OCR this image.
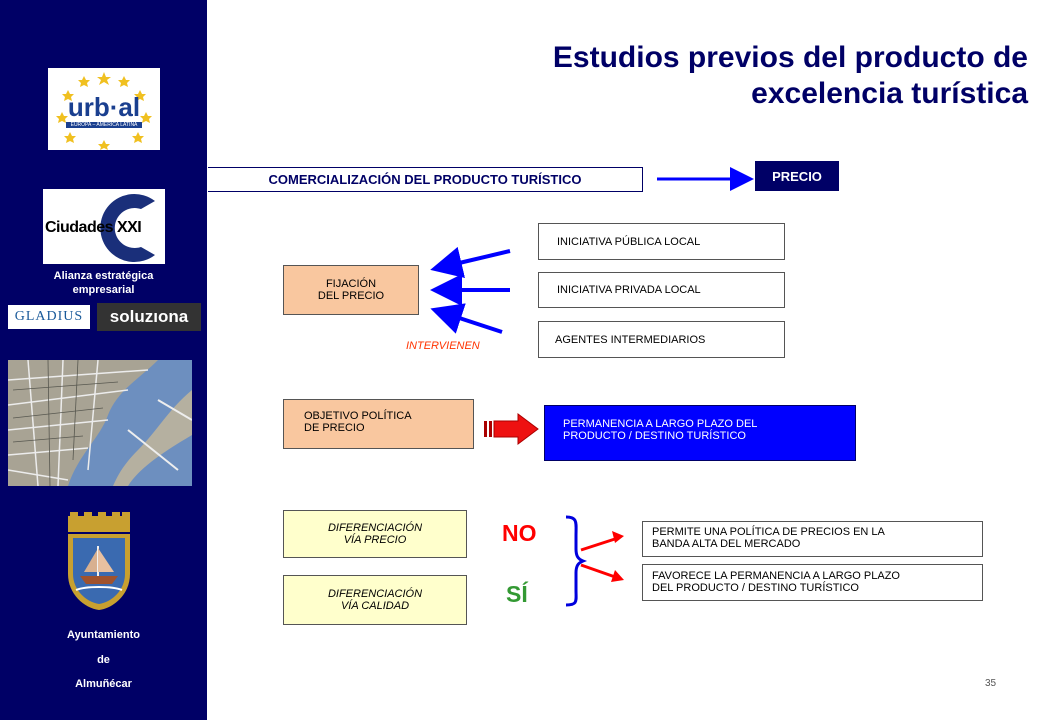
urb·al
EUROPA – AMÉRICA LATINA
Ciudades XXI
Alianza estratégica
empresarial
GLADIUS soluzıona
Ayuntamiento
de
Almuñécar
Estudios previos del producto de
excelencia turística
COMERCIALIZACIÓN DEL PRODUCTO TURÍSTICO	PRECIO
FIJACIÓN
DEL PRECIO
INTERVIENEN
INICIATIVA PÚBLICA LOCAL
INICIATIVA PRIVADA LOCAL
AGENTES INTERMEDIARIOS
OBJETIVO POLÍTICA
DE PRECIO	PERMANENCIA A LARGO PLAZO DEL
PRODUCTO / DESTINO TURÍSTICO
DIFERENCIACIÓN
VÍA PRECIO
DIFERENCIACIÓN
VÍA CALIDAD
NO
SÍ
PERMITE UNA POLÍTICA DE PRECIOS EN LA
BANDA ALTA DEL MERCADO
FAVORECE LA PERMANENCIA A LARGO PLAZO
DEL PRODUCTO / DESTINO TURÍSTICO
35
